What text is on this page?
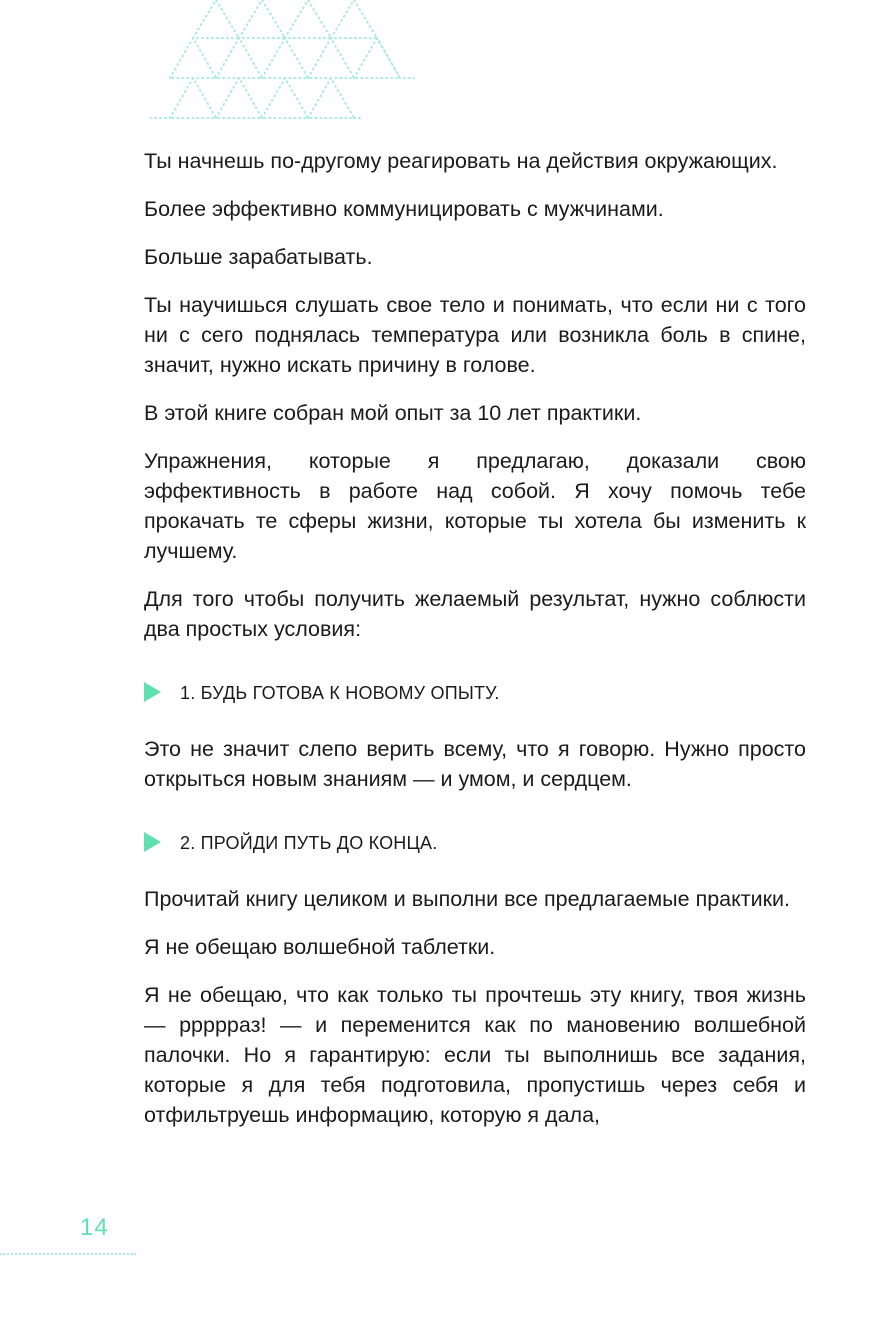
Ты начнешь по-другому реагировать на действия окружающих.

Более эффективно коммуницировать с мужчинами.

Больше зарабатывать.

Ты научишься слушать свое тело и понимать, что если ни с того ни с сего поднялась температура или возникла боль в спине, значит, нужно искать причину в голове.

В этой книге собран мой опыт за 10 лет практики.

Упражнения, которые я предлагаю, доказали свою эффективность в работе над собой. Я хочу помочь тебе прокачать те сферы жизни, которые ты хотела бы изменить к лучшему.

Для того чтобы получить желаемый результат, нужно соблюсти два простых условия:

1. БУДЬ ГОТОВА К НОВОМУ ОПЫТУ.

Это не значит слепо верить всему, что я говорю. Нужно просто открыться новым знаниям — и умом, и сердцем.

2. ПРОЙДИ ПУТЬ ДО КОНЦА.

Прочитай книгу целиком и выполни все предлагаемые практики.

Я не обещаю волшебной таблетки.

Я не обещаю, что как только ты прочтешь эту книгу, твоя жизнь — ррррраз! — и переменится как по мановению волшебной палочки. Но я гарантирую: если ты выполнишь все задания, которые я для тебя подготовила, пропустишь через себя и отфильтруешь информацию, которую я дала,

14
